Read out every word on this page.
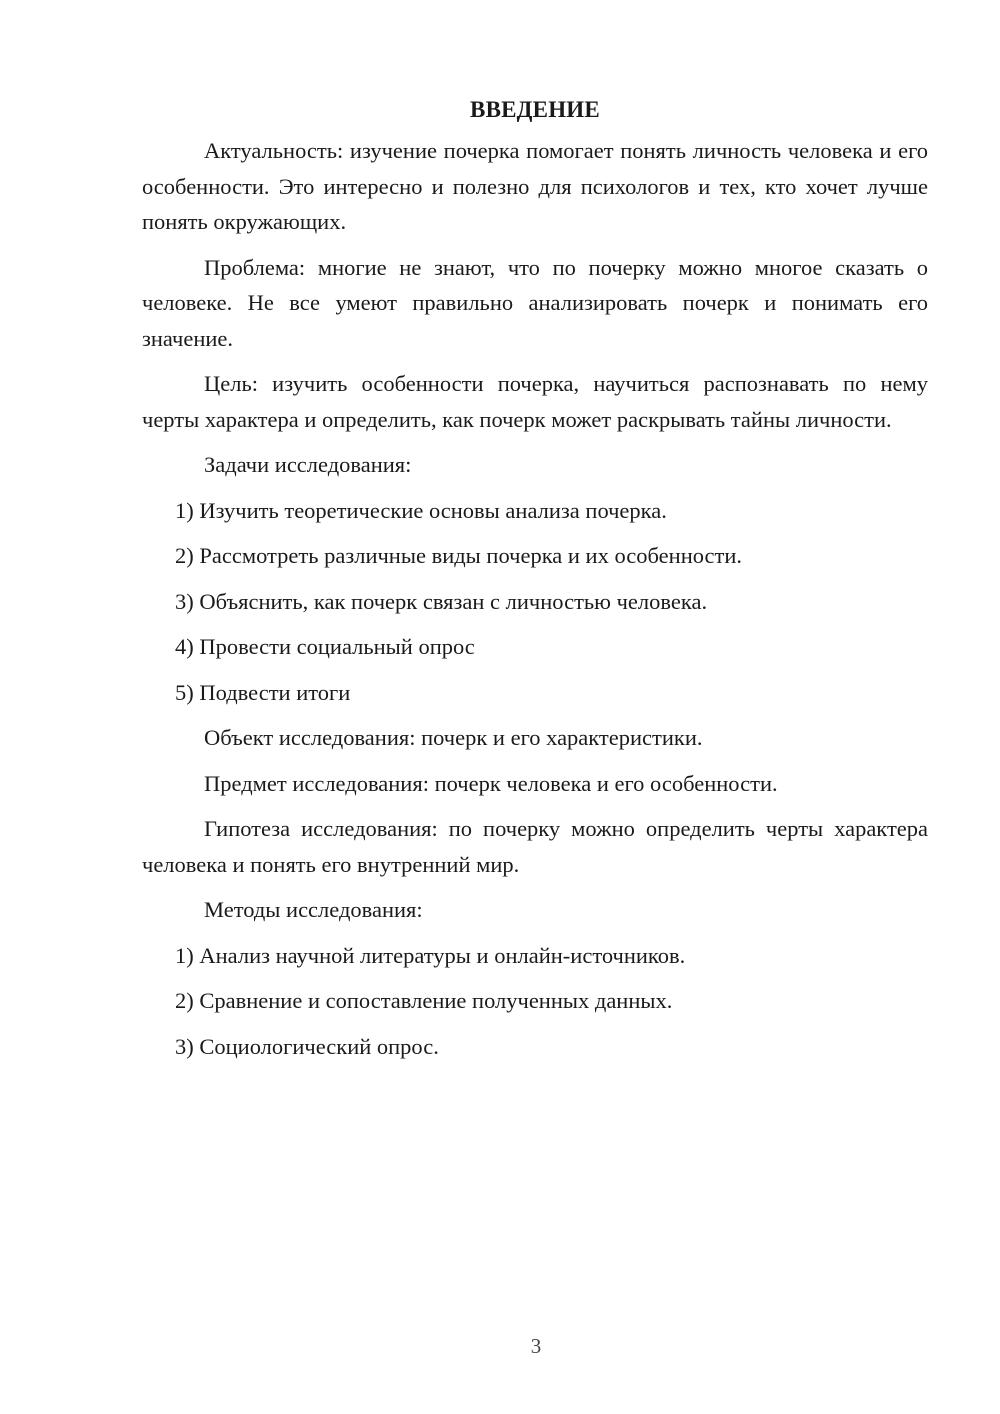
ВВЕДЕНИЕ

Актуальность: изучение почерка помогает понять личность человека и его особенности. Это интересно и полезно для психологов и тех, кто хочет лучше понять окружающих.

Проблема: многие не знают, что по почерку можно многое сказать о человеке. Не все умеют правильно анализировать почерк и понимать его значение.

Цель: изучить особенности почерка, научиться распознавать по нему черты характера и определить, как почерк может раскрывать тайны личности.

Задачи исследования:

1) Изучить теоретические основы анализа почерка.
2) Рассмотреть различные виды почерка и их особенности.
3) Объяснить, как почерк связан с личностью человека.
4) Провести социальный опрос
5) Подвести итоги

Объект исследования: почерк и его характеристики.

Предмет исследования: почерк человека и его особенности.

Гипотеза исследования: по почерку можно определить черты характера человека и понять его внутренний мир.

Методы исследования:

1) Анализ научной литературы и онлайн-источников.
2) Сравнение и сопоставление полученных данных.
3) Социологический опрос.
3
